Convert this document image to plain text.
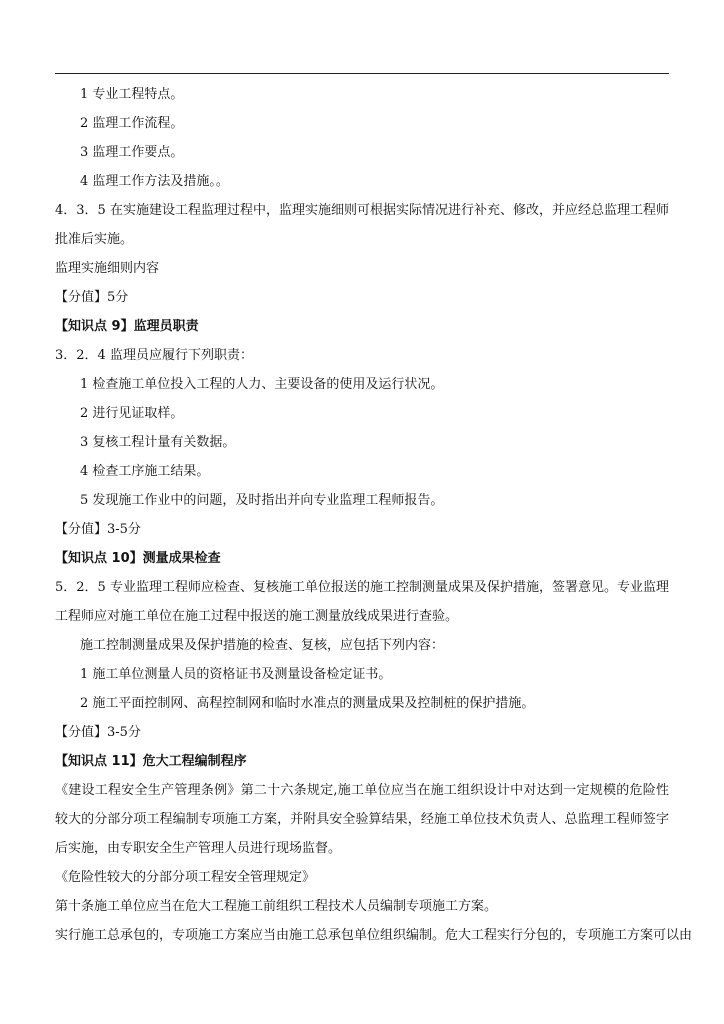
1 专业工程特点。
2 监理工作流程。
3 监理工作要点。
4 监理工作方法及措施。。
4．3．5 在实施建设工程监理过程中，监理实施细则可根据实际情况进行补充、修改，并应经总监理工程师批准后实施。
监理实施细则内容
【分值】5分
【知识点 9】监理员职责
3．2．4 监理员应履行下列职责：
1 检查施工单位投入工程的人力、主要设备的使用及运行状况。
2 进行见证取样。
3 复核工程计量有关数据。
4 检查工序施工结果。
5 发现施工作业中的问题，及时指出并向专业监理工程师报告。
【分值】3-5分
【知识点 10】测量成果检查
5．2．5 专业监理工程师应检查、复核施工单位报送的施工控制测量成果及保护措施，签署意见。专业监理工程师应对施工单位在施工过程中报送的施工测量放线成果进行查验。
施工控制测量成果及保护措施的检查、复核，应包括下列内容：
1 施工单位测量人员的资格证书及测量设备检定证书。
2 施工平面控制网、高程控制网和临时水准点的测量成果及控制桩的保护措施。
【分值】3-5分
【知识点 11】危大工程编制程序
《建设工程安全生产管理条例》第二十六条规定,施工单位应当在施工组织设计中对达到一定规模的危险性较大的分部分项工程编制专项施工方案，并附具安全验算结果，经施工单位技术负责人、总监理工程师签字后实施，由专职安全生产管理人员进行现场监督。
《危险性较大的分部分项工程安全管理规定》
第十条施工单位应当在危大工程施工前组织工程技术人员编制专项施工方案。
实行施工总承包的，专项施工方案应当由施工总承包单位组织编制。危大工程实行分包的，专项施工方案可以由
